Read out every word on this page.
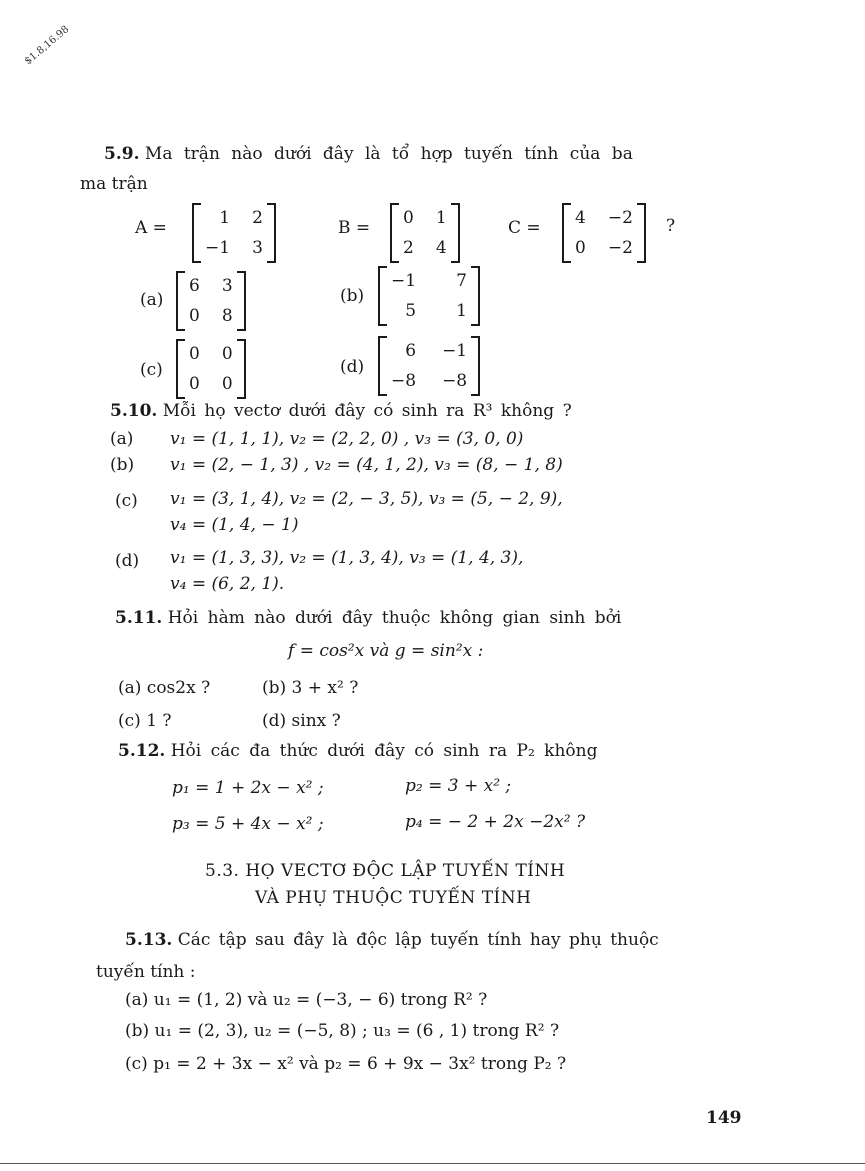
$1.8,16.98
5.9. Ma trận nào dưới đây là tổ hợp tuyến tính của ba
ma trận
A =	1 2
−1 3
B = 0 1
2 4
C = 4 −2
0 −2
?
(a)
6 3
0 8
(b)
−1 7
5 1
(c)
0 0
0 0
(d)
6 −1
−8 −8
5.10. Mỗi họ vectơ dưới đây có sinh ra R³ không ?
(a) v₁ = (1, 1, 1), v₂ = (2, 2, 0) , v₃ = (3, 0, 0)
(b) v₁ = (2, − 1, 3) , v₂ = (4, 1, 2), v₃ = (8, − 1, 8)
(c) v₁ = (3, 1, 4), v₂ = (2, − 3, 5), v₃ = (5, − 2, 9),
v₄ = (1, 4, − 1)
(d) v₁ = (1, 3, 3), v₂ = (1, 3, 4), v₃ = (1, 4, 3),
v₄ = (6, 2, 1).
5.11. Hỏi hàm nào dưới đây thuộc không gian sinh bởi
f = cos²x và g = sin²x :
(a) cos2x ?	(b) 3 + x² ?
(c) 1 ?	(d) sinx ?
5.12. Hỏi các đa thức dưới đây có sinh ra P₂ không
p₁ = 1 + 2x − x² ;	p₂ = 3 + x² ;
p₃ = 5 + 4x − x² ;	p₄ = − 2 + 2x −2x² ?
5.3. HỌ VECTƠ ĐỘC LẬP TUYẾN TÍNH
VÀ PHỤ THUỘC TUYẾN TÍNH
5.13. Các tập sau đây là độc lập tuyến tính hay phụ thuộc
tuyến tính :
(a) u₁ = (1, 2) và u₂ = (−3, − 6) trong R² ?
(b) u₁ = (2, 3), u₂ = (−5, 8) ; u₃ = (6 , 1) trong R² ?
(c) p₁ = 2 + 3x − x² và p₂ = 6 + 9x − 3x² trong P₂ ?
149
